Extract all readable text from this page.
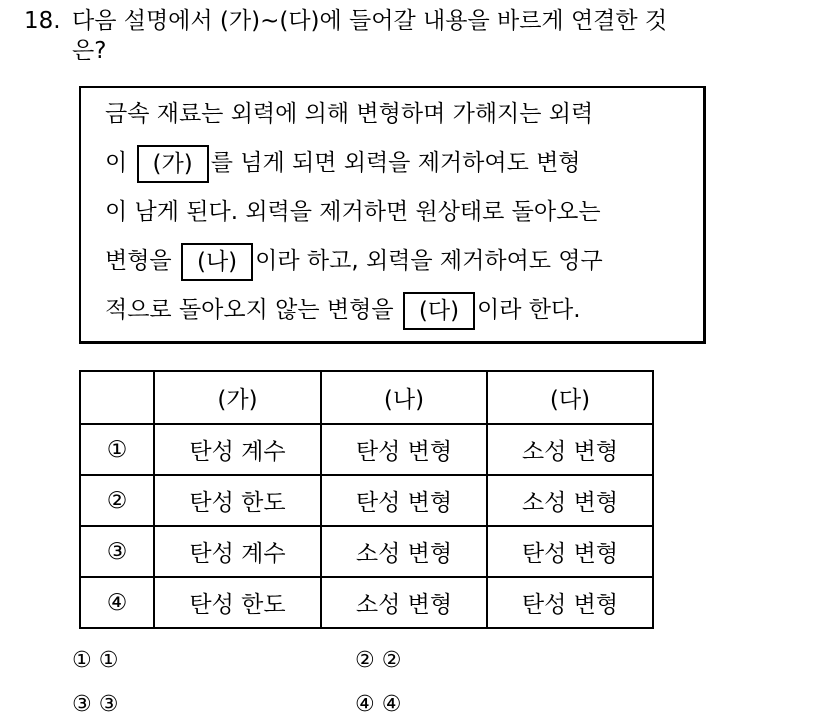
18. 다음 설명에서 (가)~(다)에 들어갈 내용을 바르게 연결한 것
은?
금속 재료는 외력에 의해 변형하며 가해지는 외력
이 (가) 를 넘게 되면 외력을 제거하여도 변형
이 남게 된다. 외력을 제거하면 원상태로 돌아오는
변형을 (나) 이라 하고, 외력을 제거하여도 영구
적으로 돌아오지 않는 변형을 (다) 이라 한다.
	(가)	(나)	(다)
①	탄성 계수	탄성 변형	소성 변형
②	탄성 한도	탄성 변형	소성 변형
③	탄성 계수	소성 변형	탄성 변형
④	탄성 한도	소성 변형	탄성 변형
① ①	② ②
③ ③	④ ④
